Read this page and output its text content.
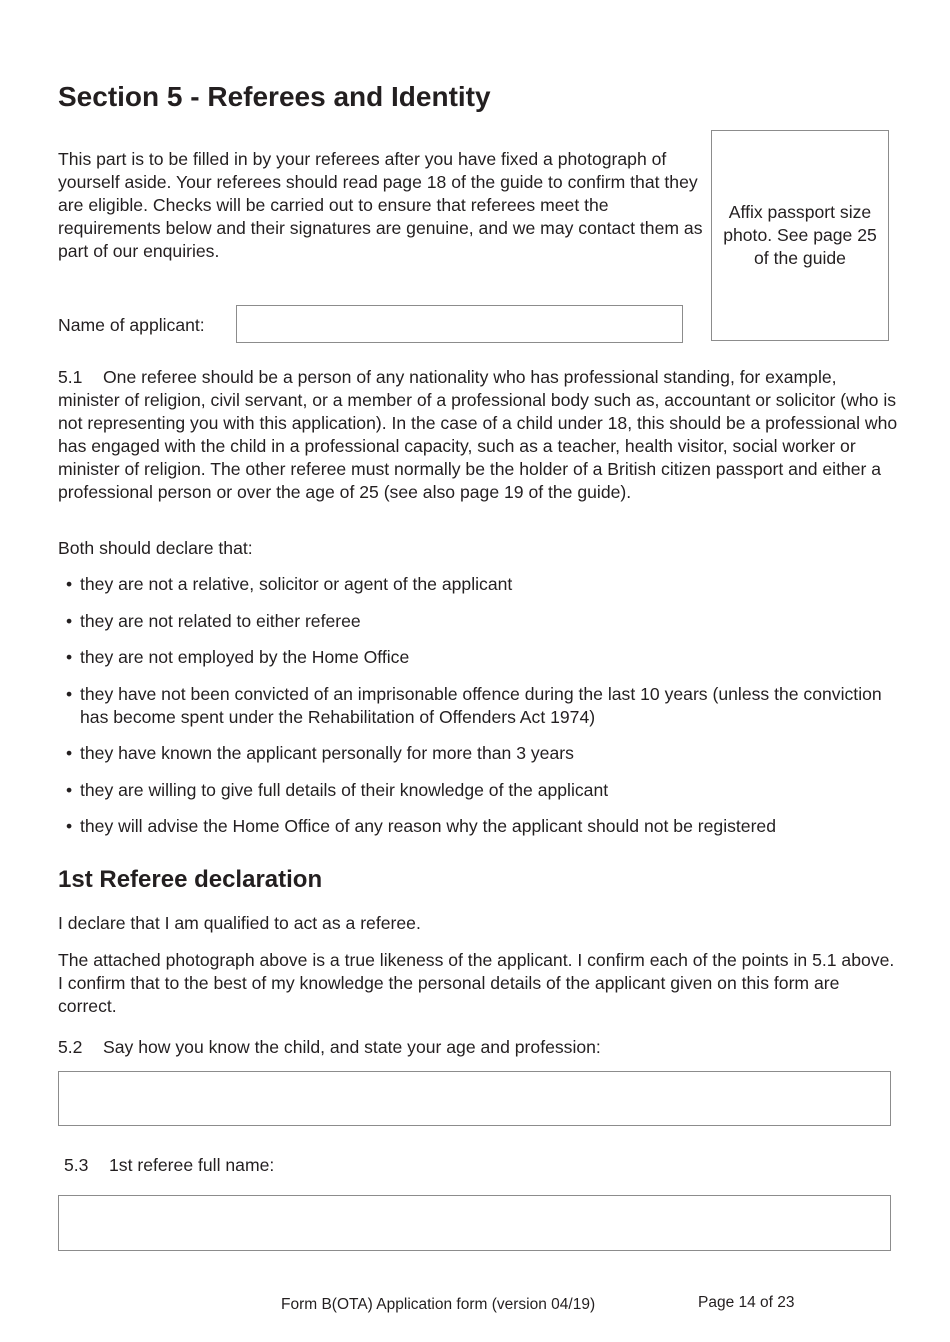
Section 5 - Referees and Identity

This part is to be filled in by your referees after you have fixed a photograph of yourself aside. Your referees should read page 18 of the guide to confirm that they are eligible. Checks will be carried out to ensure that referees meet the requirements below and their signatures are genuine, and we may contact them as part of our enquiries.

Affix passport size photo. See page 25 of the guide
Name of applicant:

5.1 One referee should be a person of any nationality who has professional standing, for example, minister of religion, civil servant, or a member of a professional body such as, accountant or solicitor (who is not representing you with this application). In the case of a child under 18, this should be a professional who has engaged with the child in a professional capacity, such as a teacher, health visitor, social worker or minister of religion. The other referee must normally be the holder of a British citizen passport and either a professional person or over the age of 25 (see also page 19 of the guide).

Both should declare that:

• they are not a relative, solicitor or agent of the applicant
• they are not related to either referee
• they are not employed by the Home Office
• they have not been convicted of an imprisonable offence during the last 10 years (unless the conviction has become spent under the Rehabilitation of Offenders Act 1974)
• they have known the applicant personally for more than 3 years
• they are willing to give full details of their knowledge of the applicant
• they will advise the Home Office of any reason why the applicant should not be registered
1st Referee declaration

I declare that I am qualified to act as a referee.

The attached photograph above is a true likeness of the applicant. I confirm each of the points in 5.1 above. I confirm that to the best of my knowledge the personal details of the applicant given on this form are correct.

5.2 Say how you know the child, and state your age and profession:

5.3 1st referee full name:

Form B(OTA) Application form (version 04/19)	Page 14 of 23
